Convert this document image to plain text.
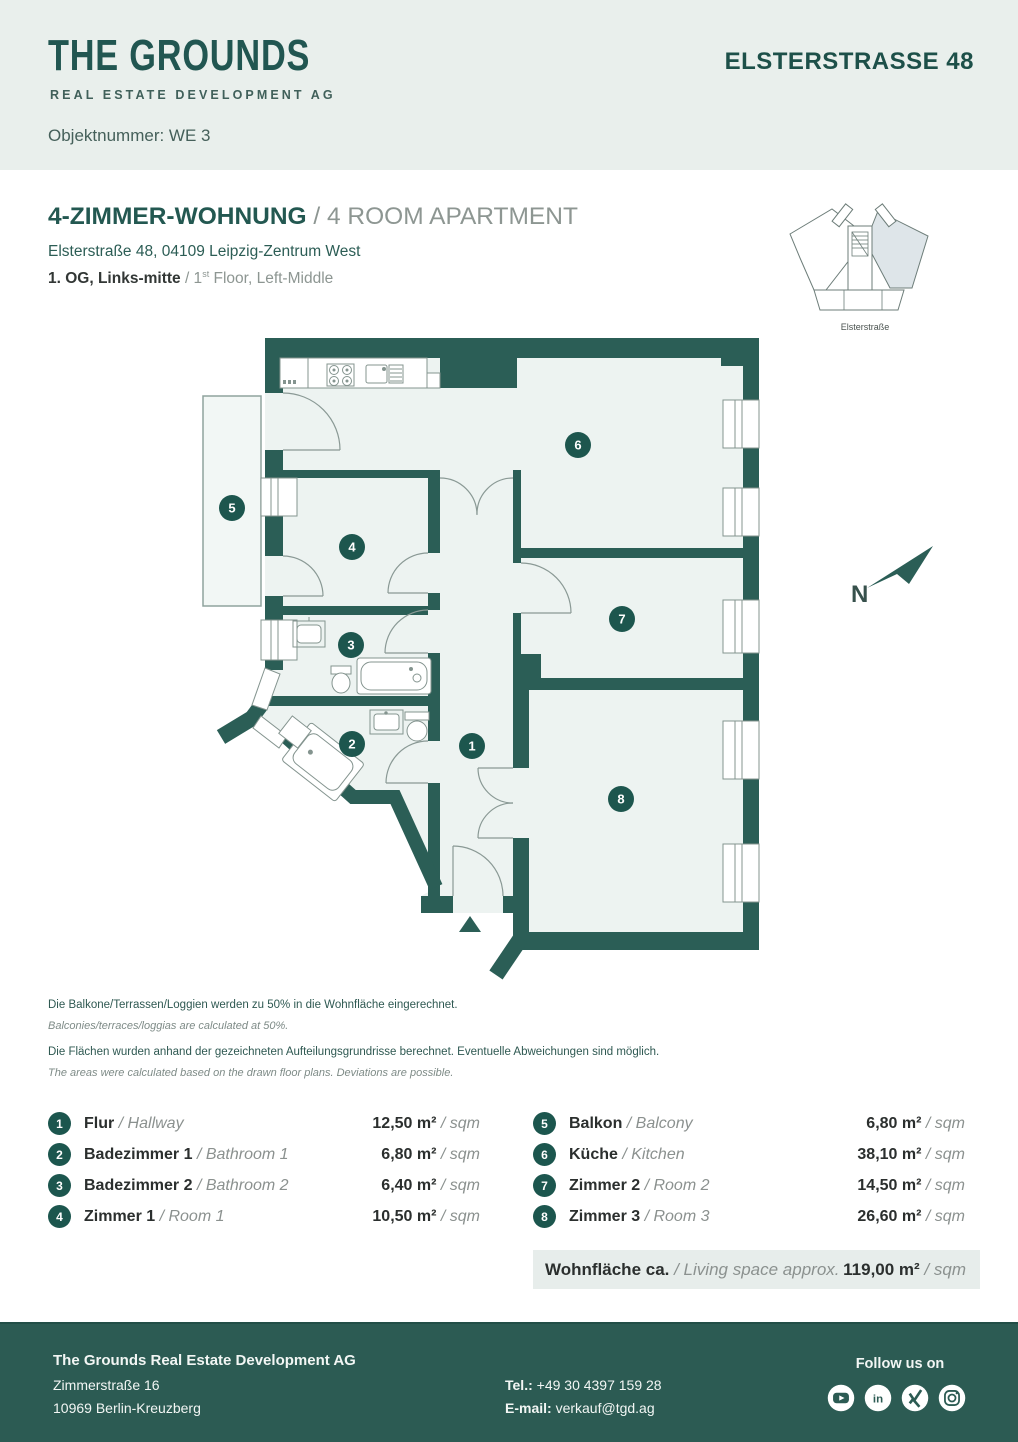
THE GROUNDS
REAL ESTATE DEVELOPMENT AG
ELSTERSTRASSE 48
Objektnummer: WE 3
4-ZIMMER-WOHNUNG / 4 ROOM APARTMENT
Elsterstraße 48, 04109 Leipzig-Zentrum West
1. OG, Links-mitte / 1st Floor, Left-Middle
Elsterstraße
1
2
3
4
5
6
7
8
N
Die Balkone/Terrassen/Loggien werden zu 50% in die Wohnfläche eingerechnet.
Balconies/terraces/loggias are calculated at 50%.
Die Flächen wurden anhand der gezeichneten Aufteilungsgrundrisse berechnet. Eventuelle Abweichungen sind möglich.
The areas were calculated based on the drawn floor plans. Deviations are possible.
1	Flur / Hallway	12,50 m² / sqm
2	Badezimmer 1 / Bathroom 1	6,80 m² / sqm
3	Badezimmer 2 / Bathroom 2	6,40 m² / sqm
4	Zimmer 1 / Room 1	10,50 m² / sqm
5	Balkon / Balcony	6,80 m² / sqm
6	Küche / Kitchen	38,10 m² / sqm
7	Zimmer 2 / Room 2	14,50 m² / sqm
8	Zimmer 3 / Room 3	26,60 m² / sqm
Wohnfläche ca. / Living space approx. 119,00 m² / sqm
The Grounds Real Estate Development AG
Zimmerstraße 16
10969 Berlin-Kreuzberg
Tel.: +49 30 4397 159 28
E-mail: verkauf@tgd.ag
Follow us on
in
